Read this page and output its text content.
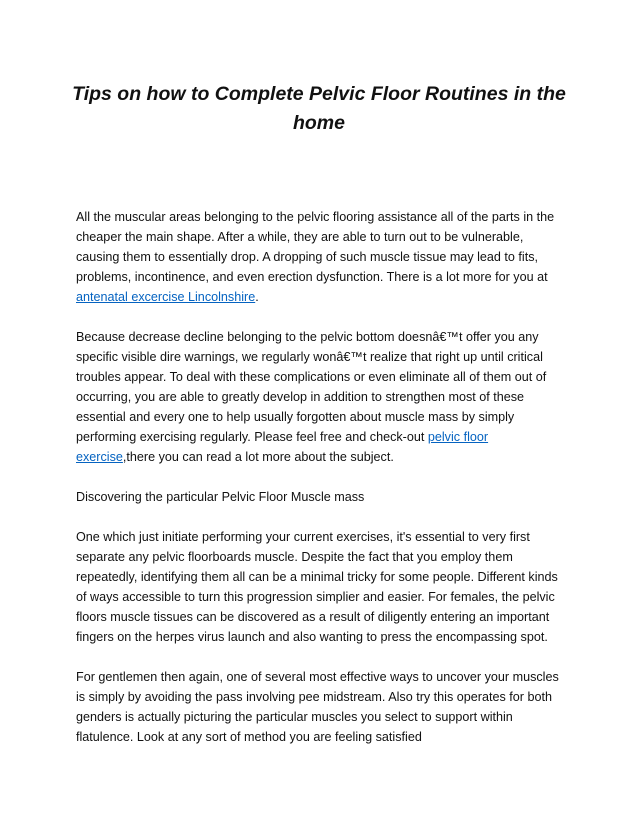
Tips on how to Complete Pelvic Floor Routines in the home

All the muscular areas belonging to the pelvic flooring assistance all of the parts in the cheaper the main shape. After a while, they are able to turn out to be vulnerable, causing them to essentially drop. A dropping of such muscle tissue may lead to fits, problems, incontinence, and even erection dysfunction. There is a lot more for you at antenatal excercise Lincolnshire.

Because decrease decline belonging to the pelvic bottom doesnâ€™t offer you any specific visible dire warnings, we regularly wonâ€™t realize that right up until critical troubles appear. To deal with these complications or even eliminate all of them out of occurring, you are able to greatly develop in addition to strengthen most of these essential and every one to help usually forgotten about muscle mass by simply performing exercising regularly. Please feel free and check-out pelvic floor exercise,there you can read a lot more about the subject.

Discovering the particular Pelvic Floor Muscle mass

One which just initiate performing your current exercises, it's essential to very first separate any pelvic floorboards muscle. Despite the fact that you employ them repeatedly, identifying them all can be a minimal tricky for some people. Different kinds of ways accessible to turn this progression simplier and easier. For females, the pelvic floors muscle tissues can be discovered as a result of diligently entering an important fingers on the herpes virus launch and also wanting to press the encompassing spot.

For gentlemen then again, one of several most effective ways to uncover your muscles is simply by avoiding the pass involving pee midstream. Also try this operates for both genders is actually picturing the particular muscles you select to support within flatulence. Look at any sort of method you are feeling satisfied
